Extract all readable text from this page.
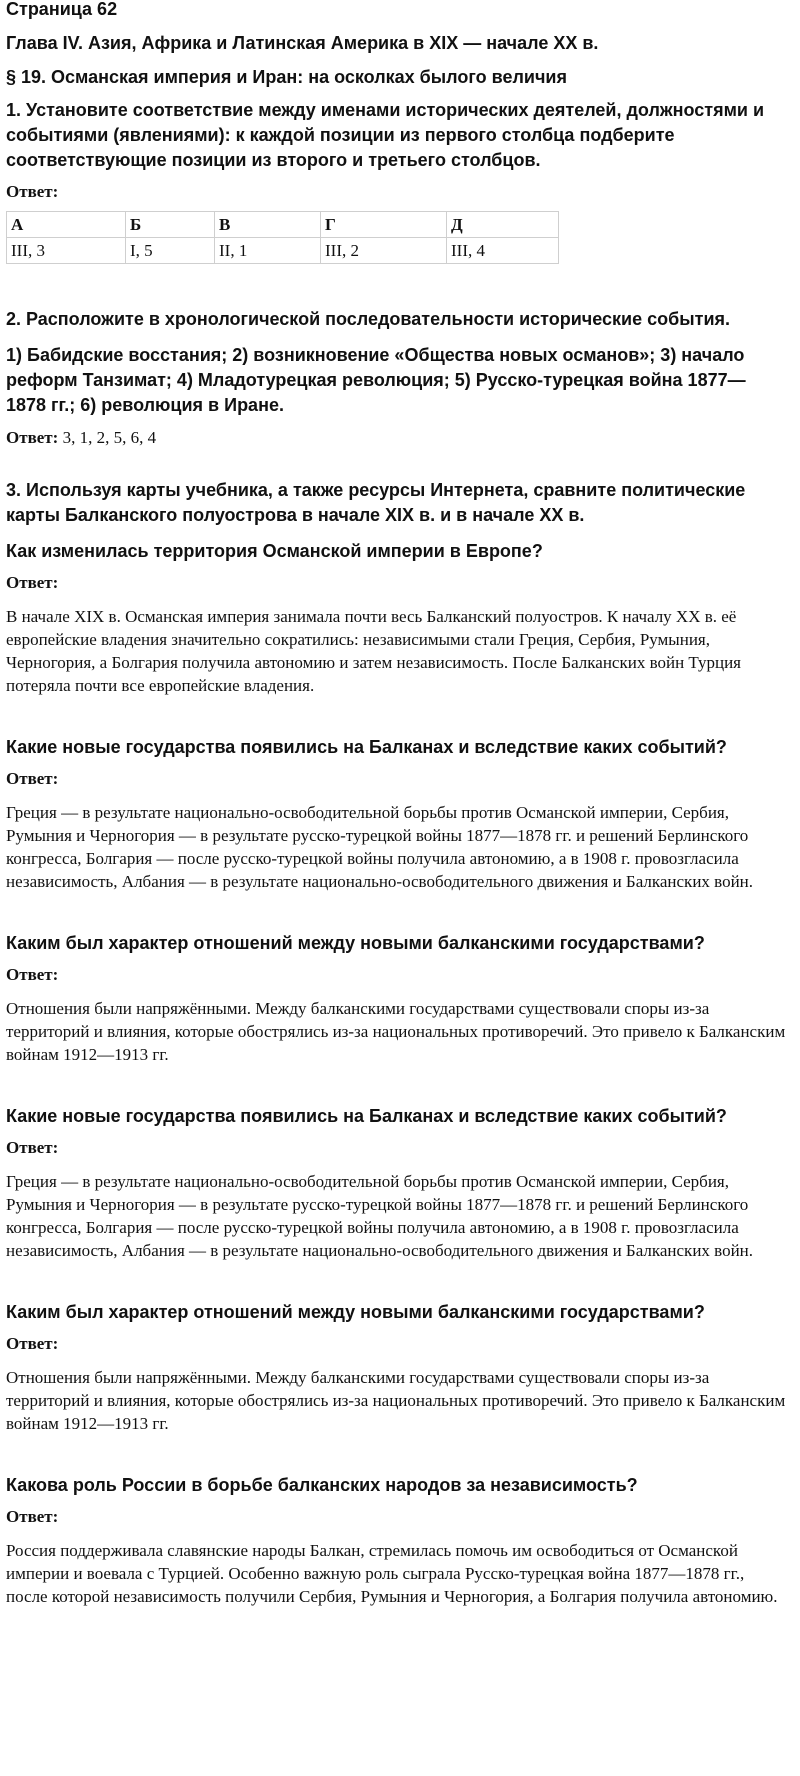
Страница 62
Глава IV. Азия, Африка и Латинская Америка в XIX — начале XX в.
§ 19. Османская империя и Иран: на осколках былого величия

1. Установите соответствие между именами исторических деятелей, должностями и событиями (явлениями): к каждой позиции из первого столбца подберите соответствующие позиции из второго и третьего столбцов.

Ответ:

А	Б	В	Г	Д
III, 3	I, 5	II, 1	III, 2	III, 4

2. Расположите в хронологической последовательности исторические события.

1) Бабидские восстания; 2) возникновение «Общества новых османов»; 3) начало реформ Танзимат; 4) Младотурецкая революция; 5) Русско-турецкая война 1877— 1878 гг.; 6) революция в Иране.

Ответ: 3, 1, 2, 5, 6, 4

3. Используя карты учебника, а также ресурсы Интернета, сравните политические карты Балканского полуострова в начале XIX в. и в начале XX в.

Как изменилась территория Османской империи в Европе?

Ответ:

В начале XIX в. Османская империя занимала почти весь Балканский полуостров. К началу XX в. её европейские владения значительно сократились: независимыми стали Греция, Сербия, Румыния, Черногория, а Болгария получила автономию и затем независимость. После Балканских войн Турция потеряла почти все европейские владения.

Какие новые государства появились на Балканах и вследствие каких событий?

Ответ:

Греция — в результате национально-освободительной борьбы против Османской империи, Сербия, Румыния и Черногория — в результате русско-турецкой войны 1877—1878 гг. и решений Берлинского конгресса, Болгария — после русско-турецкой войны получила автономию, а в 1908 г. провозгласила независимость, Албания — в результате национально-освободительного движения и Балканских войн.

Каким был характер отношений между новыми балканскими государствами?

Ответ:

Отношения были напряжёнными. Между балканскими государствами существовали споры из-за территорий и влияния, которые обострялись из-за национальных противоречий. Это привело к Балканским войнам 1912—1913 гг.

Какие новые государства появились на Балканах и вследствие каких событий?

Ответ:

Греция — в результате национально-освободительной борьбы против Османской империи, Сербия, Румыния и Черногория — в результате русско-турецкой войны 1877—1878 гг. и решений Берлинского конгресса, Болгария — после русско-турецкой войны получила автономию, а в 1908 г. провозгласила независимость, Албания — в результате национально-освободительного движения и Балканских войн.

Каким был характер отношений между новыми балканскими государствами?

Ответ:

Отношения были напряжёнными. Между балканскими государствами существовали споры из-за территорий и влияния, которые обострялись из-за национальных противоречий. Это привело к Балканским войнам 1912—1913 гг.

Какова роль России в борьбе балканских народов за независимость?

Ответ:

Россия поддерживала славянские народы Балкан, стремилась помочь им освободиться от Османской империи и воевала с Турцией. Особенно важную роль сыграла Русско-турецкая война 1877—1878 гг., после которой независимость получили Сербия, Румыния и Черногория, а Болгария получила автономию.
